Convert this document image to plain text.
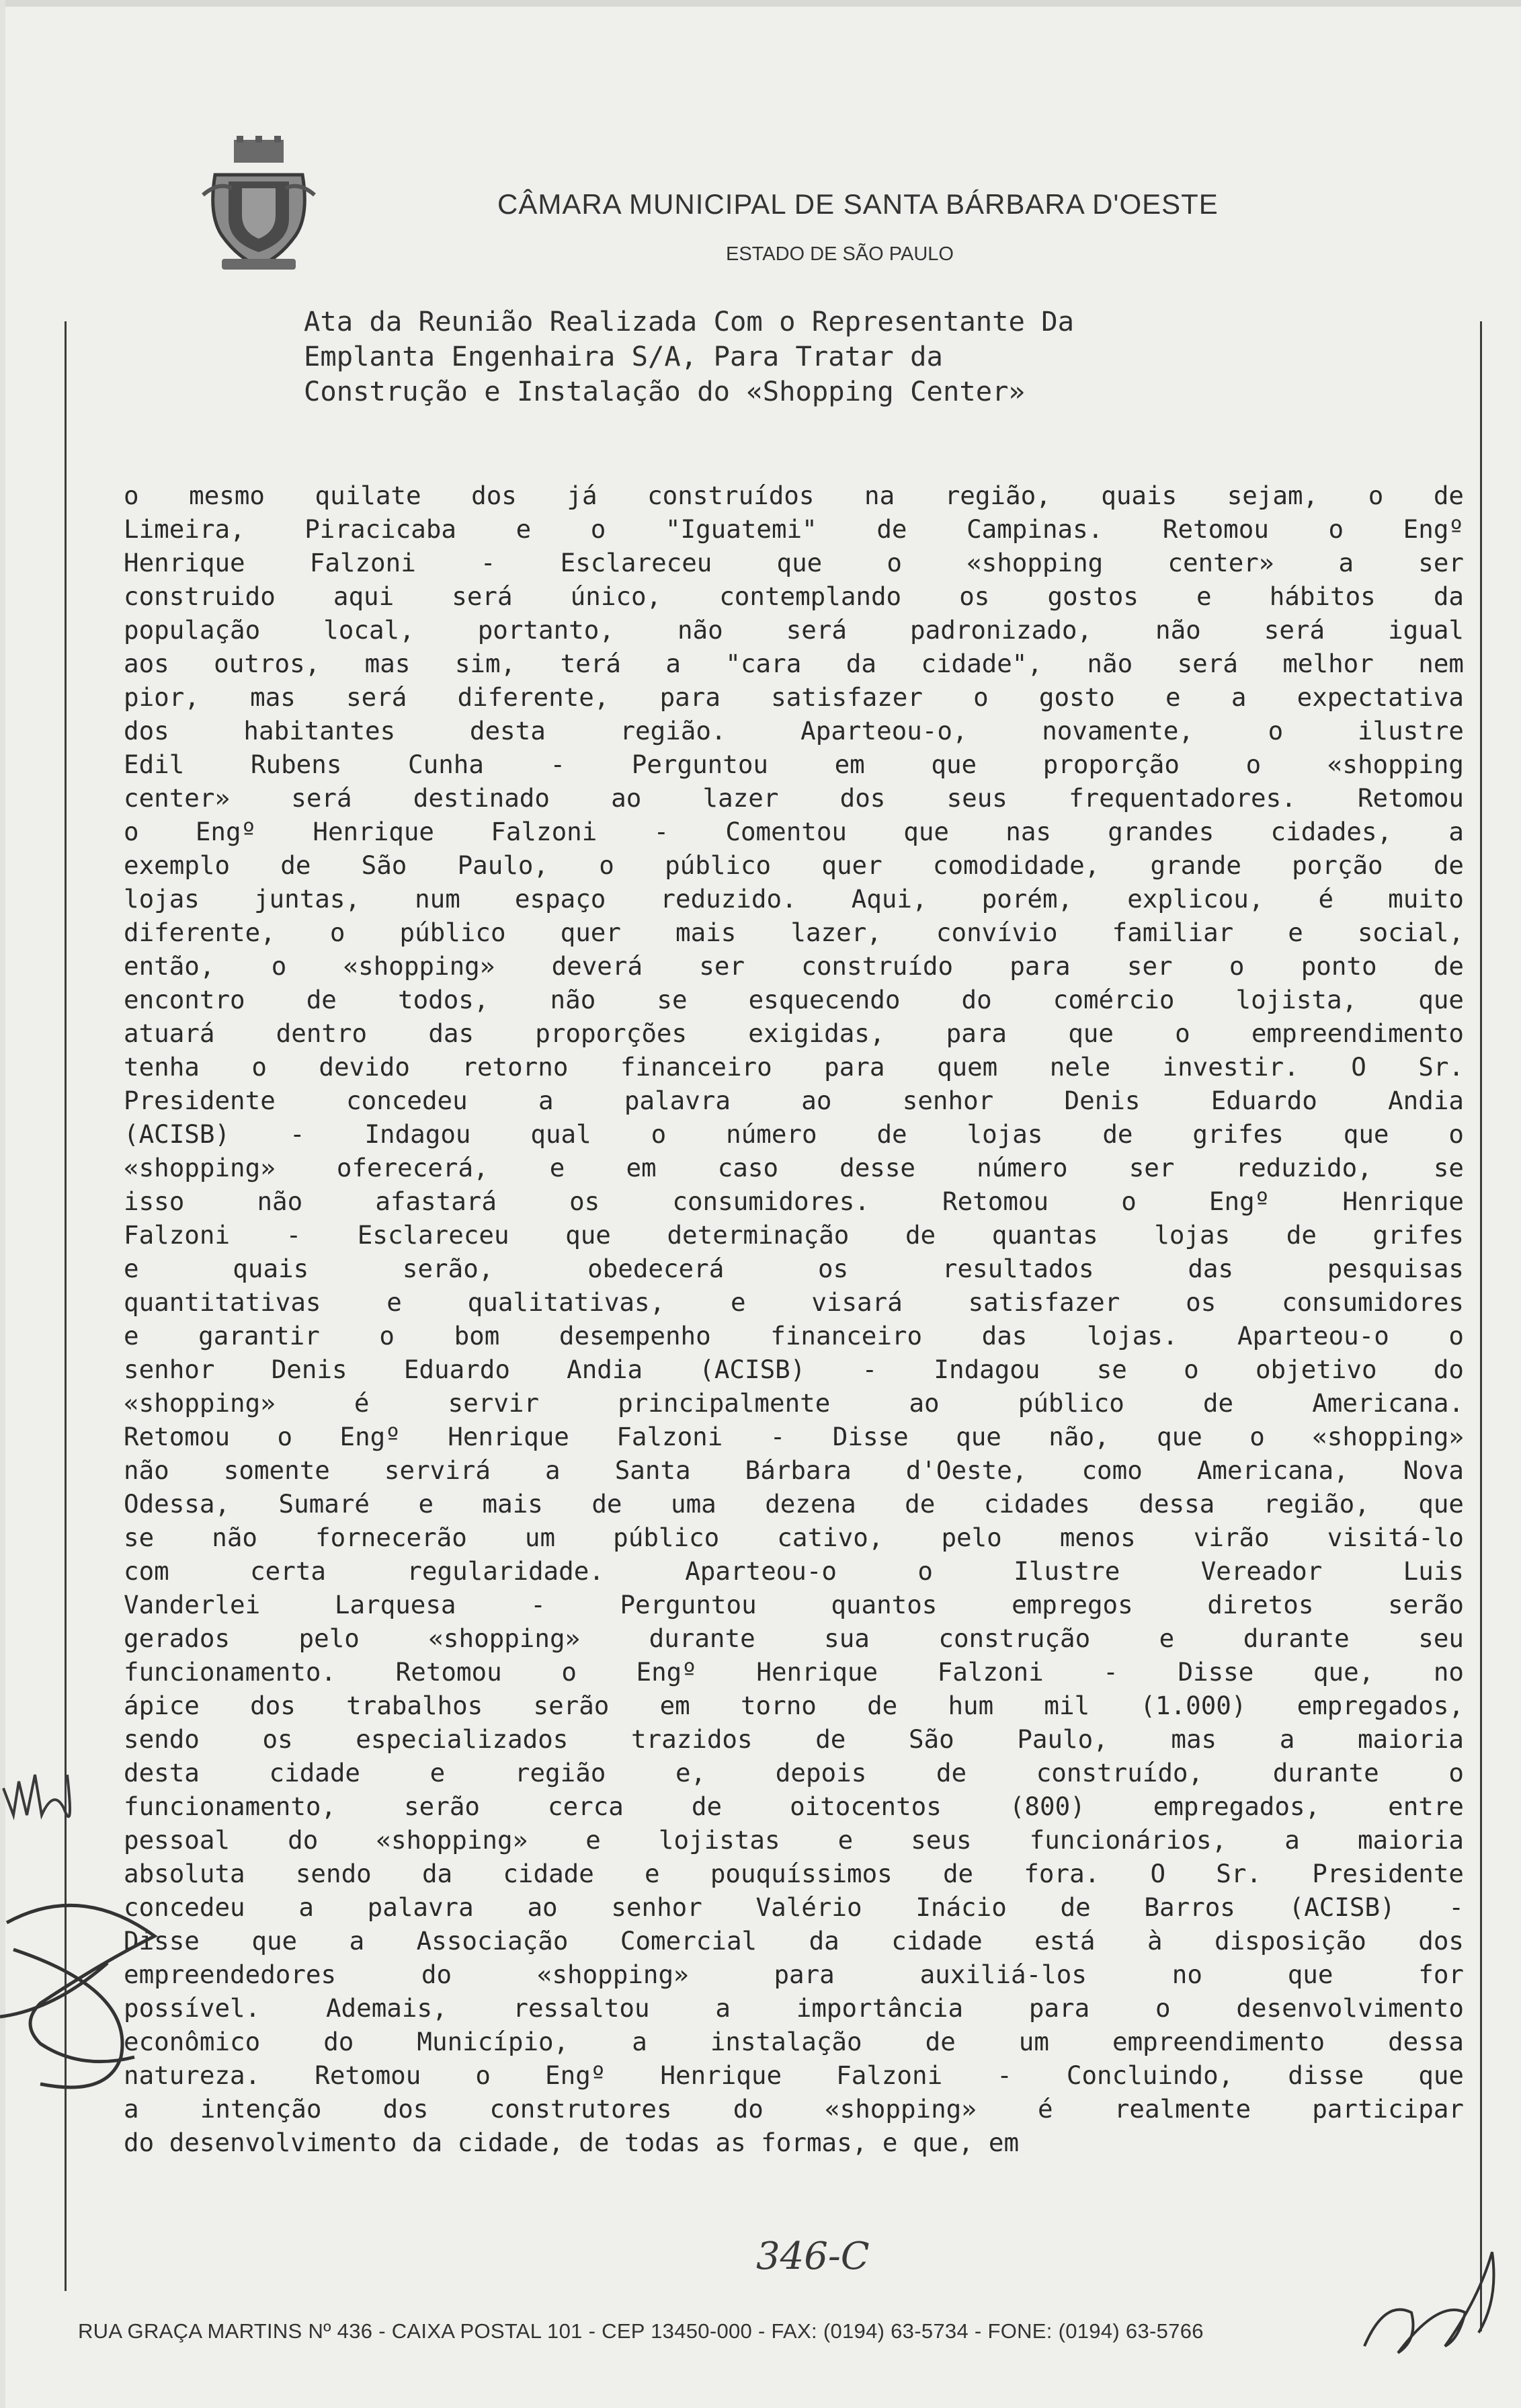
CÂMARA MUNICIPAL DE SANTA BÁRBARA D'OESTE
ESTADO DE SÃO PAULO
Ata da Reunião Realizada Com o Representante Da
Emplanta Engenhaira S/A, Para Tratar da
Construção e Instalação do «Shopping Center»
o mesmo quilate dos já construídos na região, quais sejam, o de
Limeira, Piracicaba e o "Iguatemi" de Campinas. Retomou o Engº
Henrique Falzoni - Esclareceu que o «shopping center» a ser
construido aqui será único, contemplando os gostos e hábitos da
população local, portanto, não será padronizado, não será igual
aos outros, mas sim, terá a "cara da cidade", não será melhor nem
pior, mas será diferente, para satisfazer o gosto e a expectativa
dos habitantes desta região. Aparteou-o, novamente, o ilustre
Edil Rubens Cunha - Perguntou em que proporção o «shopping
center» será destinado ao lazer dos seus frequentadores. Retomou
o Engº Henrique Falzoni - Comentou que nas grandes cidades, a
exemplo de São Paulo, o público quer comodidade, grande porção de
lojas juntas, num espaço reduzido. Aqui, porém, explicou, é muito
diferente, o público quer mais lazer, convívio familiar e social,
então, o «shopping» deverá ser construído para ser o ponto de
encontro de todos, não se esquecendo do comércio lojista, que
atuará dentro das proporções exigidas, para que o empreendimento
tenha o devido retorno financeiro para quem nele investir. O Sr.
Presidente concedeu a palavra ao senhor Denis Eduardo Andia
(ACISB) - Indagou qual o número de lojas de grifes que o
«shopping» oferecerá, e em caso desse número ser reduzido, se
isso não afastará os consumidores. Retomou o Engº Henrique
Falzoni - Esclareceu que determinação de quantas lojas de grifes
e quais serão, obedecerá os resultados das pesquisas
quantitativas e qualitativas, e visará satisfazer os consumidores
e garantir o bom desempenho financeiro das lojas. Aparteou-o o
senhor Denis Eduardo Andia (ACISB) - Indagou se o objetivo do
«shopping» é servir principalmente ao público de Americana.
Retomou o Engº Henrique Falzoni - Disse que não, que o «shopping»
não somente servirá a Santa Bárbara d'Oeste, como Americana, Nova
Odessa, Sumaré e mais de uma dezena de cidades dessa região, que
se não fornecerão um público cativo, pelo menos virão visitá-lo
com certa regularidade. Aparteou-o o Ilustre Vereador Luis
Vanderlei Larquesa - Perguntou quantos empregos diretos serão
gerados pelo «shopping» durante sua construção e durante seu
funcionamento. Retomou o Engº Henrique Falzoni - Disse que, no
ápice dos trabalhos serão em torno de hum mil (1.000) empregados,
sendo os especializados trazidos de São Paulo, mas a maioria
desta cidade e região e, depois de construído, durante o
funcionamento, serão cerca de oitocentos (800) empregados, entre
pessoal do «shopping» e lojistas e seus funcionários, a maioria
absoluta sendo da cidade e pouquíssimos de fora. O Sr. Presidente
concedeu a palavra ao senhor Valério Inácio de Barros (ACISB) -
Disse que a Associação Comercial da cidade está à disposição dos
empreendedores do «shopping» para auxiliá-los no que for
possível. Ademais, ressaltou a importância para o desenvolvimento
econômico do Município, a instalação de um empreendimento dessa
natureza. Retomou o Engº Henrique Falzoni - Concluindo, disse que
a intenção dos construtores do «shopping» é realmente participar
do desenvolvimento da cidade, de todas as formas, e que, em
346-C
RUA GRAÇA MARTINS Nº 436 - CAIXA POSTAL 101 - CEP 13450-000 - FAX: (0194) 63-5734 - FONE: (0194) 63-5766
